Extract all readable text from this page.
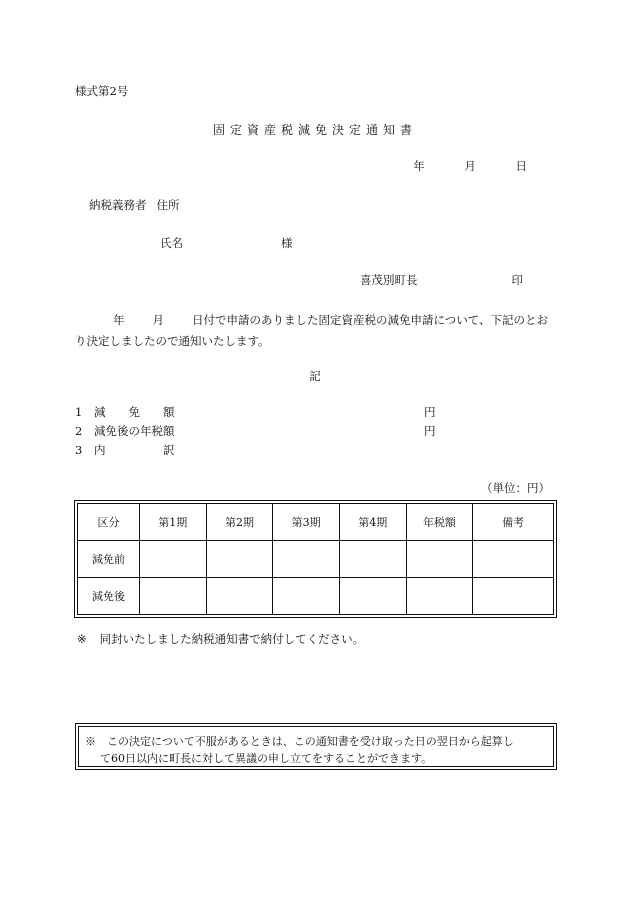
様式第2号
固定資産税減免決定通知書
年	月	日
納税義務者 住所
氏名	様
喜茂別町長	印
年 月 日付で申請のありました固定資産税の減免申請について、下記のとおり決定しましたので通知いたします。
記
1 減　　免　　額	円
2 減免後の年税額	円
3 内　　　　　訳
（単位：円）
区分	第1期	第2期	第3期	第4期	年税額	備考
減免前						
減免後						
※ 同封いたしました納税通知書で納付してください。
※　この決定について不服があるときは、この通知書を受け取った日の翌日から起算し
て60日以内に町長に対して異議の申し立てをすることができます。
